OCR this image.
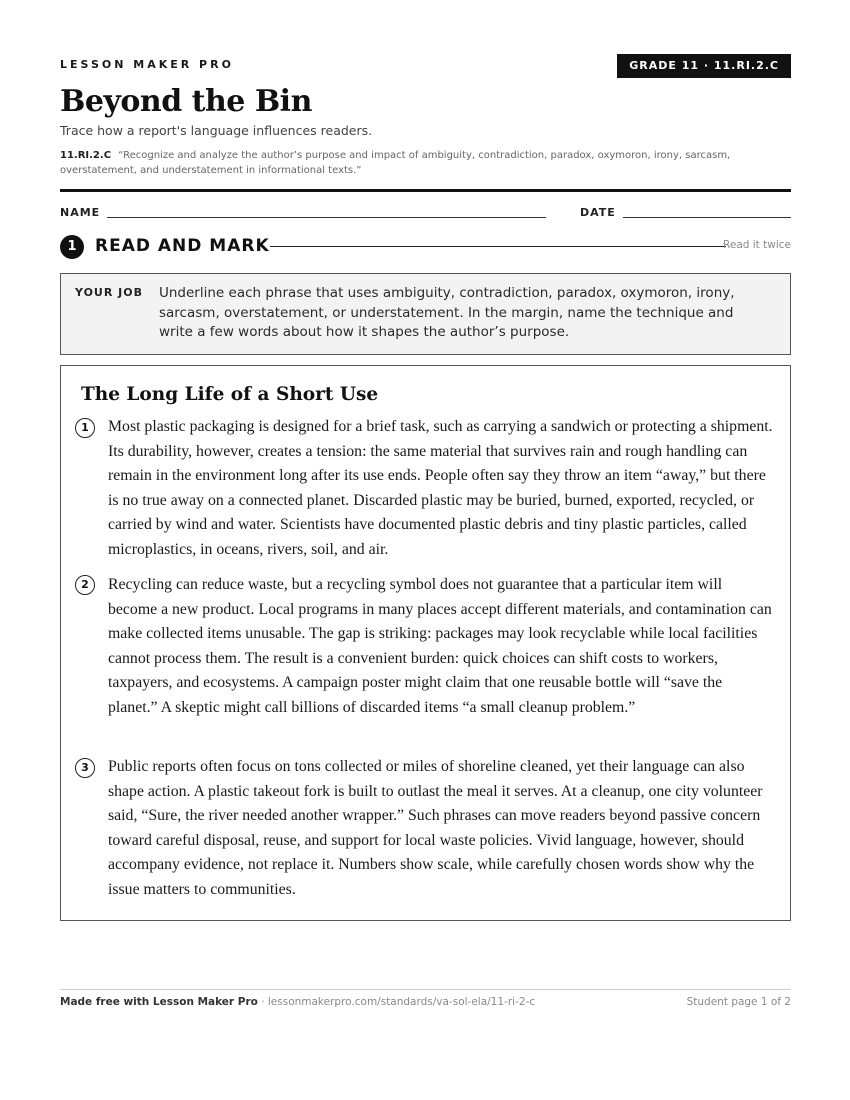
LESSON MAKER PRO	GRADE 11 · 11.RI.2.C
Beyond the Bin
Trace how a report's language influences readers.
11.RI.2.C “Recognize and analyze the author’s purpose and impact of ambiguity, contradiction, paradox, oxymoron, irony, sarcasm, overstatement, and understatement in informational texts.”
NAME	DATE
1	READ AND MARK	Read it twice
YOUR JOB Underline each phrase that uses ambiguity, contradiction, paradox, oxymoron, irony, sarcasm, overstatement, or understatement. In the margin, name the technique and write a few words about how it shapes the author’s purpose.
The Long Life of a Short Use
1	Most plastic packaging is designed for a brief task, such as carrying a sandwich or protecting a shipment. Its durability, however, creates a tension: the same material that survives rain and rough handling can remain in the environment long after its use ends. People often say they throw an item “away,” but there is no true away on a connected planet. Discarded plastic may be buried, burned, exported, recycled, or carried by wind and water. Scientists have documented plastic debris and tiny plastic particles, called microplastics, in oceans, rivers, soil, and air.

2	Recycling can reduce waste, but a recycling symbol does not guarantee that a particular item will become a new product. Local programs in many places accept different materials, and contamination can make collected items unusable. The gap is striking: packages may look recyclable while local facilities cannot process them. The result is a convenient burden: quick choices can shift costs to workers, taxpayers, and ecosystems. A campaign poster might claim that one reusable bottle will “save the planet.” A skeptic might call billions of discarded items “a small cleanup problem.”

3	Public reports often focus on tons collected or miles of shoreline cleaned, yet their language can also shape action. A plastic takeout fork is built to outlast the meal it serves. At a cleanup, one city volunteer said, “Sure, the river needed another wrapper.” Such phrases can move readers beyond passive concern toward careful disposal, reuse, and support for local waste policies. Vivid language, however, should accompany evidence, not replace it. Numbers show scale, while carefully chosen words show why the issue matters to communities.

Made free with Lesson Maker Pro · lessonmakerpro.com/standards/va-sol-ela/11-ri-2-c	Student page 1 of 2
